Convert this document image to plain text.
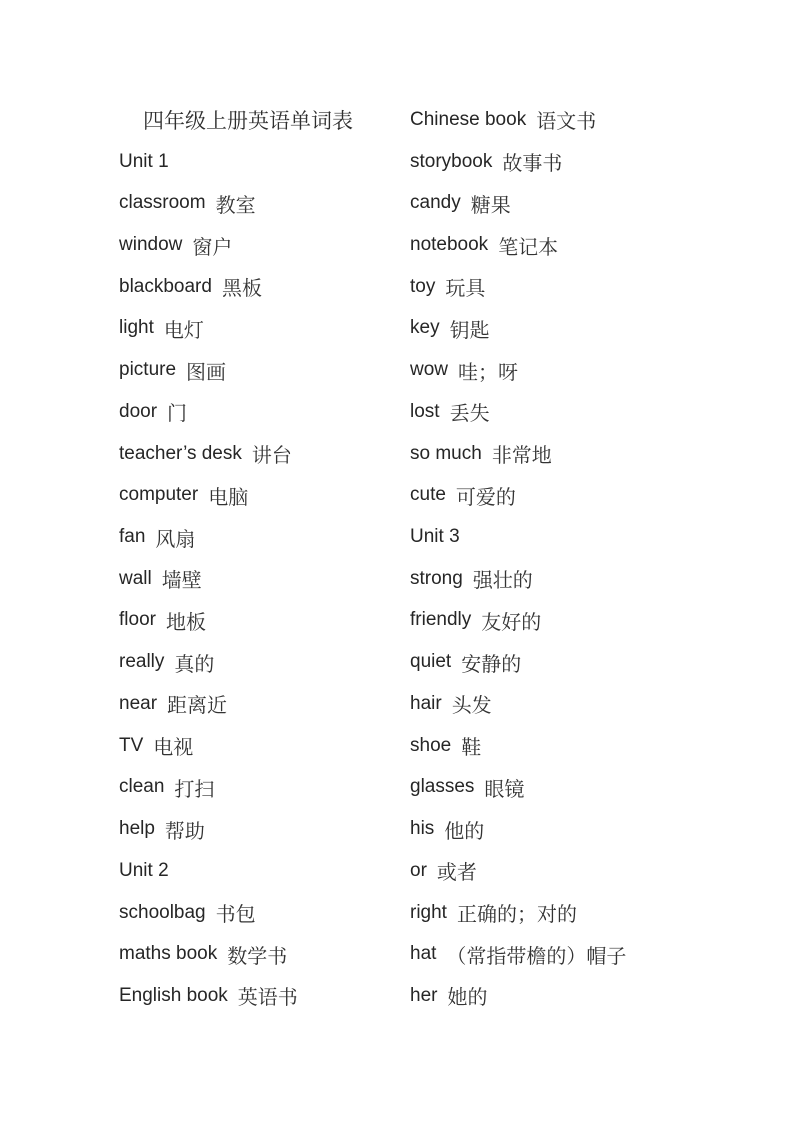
四年级上册英语单词表
Unit 1
classroom 教室
window 窗户
blackboard 黑板
light 电灯
picture 图画
door 门
teacher’s desk 讲台
computer 电脑
fan 风扇
wall 墙壁
floor 地板
really 真的
near 距离近
TV 电视
clean 打扫
help 帮助
Unit 2
schoolbag 书包
maths book 数学书
English book 英语书
Chinese book 语文书
storybook 故事书
candy 糖果
notebook 笔记本
toy 玩具
key 钥匙
wow 哇；呀
lost 丢失
so much 非常地
cute 可爱的
Unit 3
strong 强壮的
friendly 友好的
quiet 安静的
hair 头发
shoe 鞋
glasses 眼镜
his 他的
or 或者
right 正确的；对的
hat （常指带檐的）帽子
her 她的
